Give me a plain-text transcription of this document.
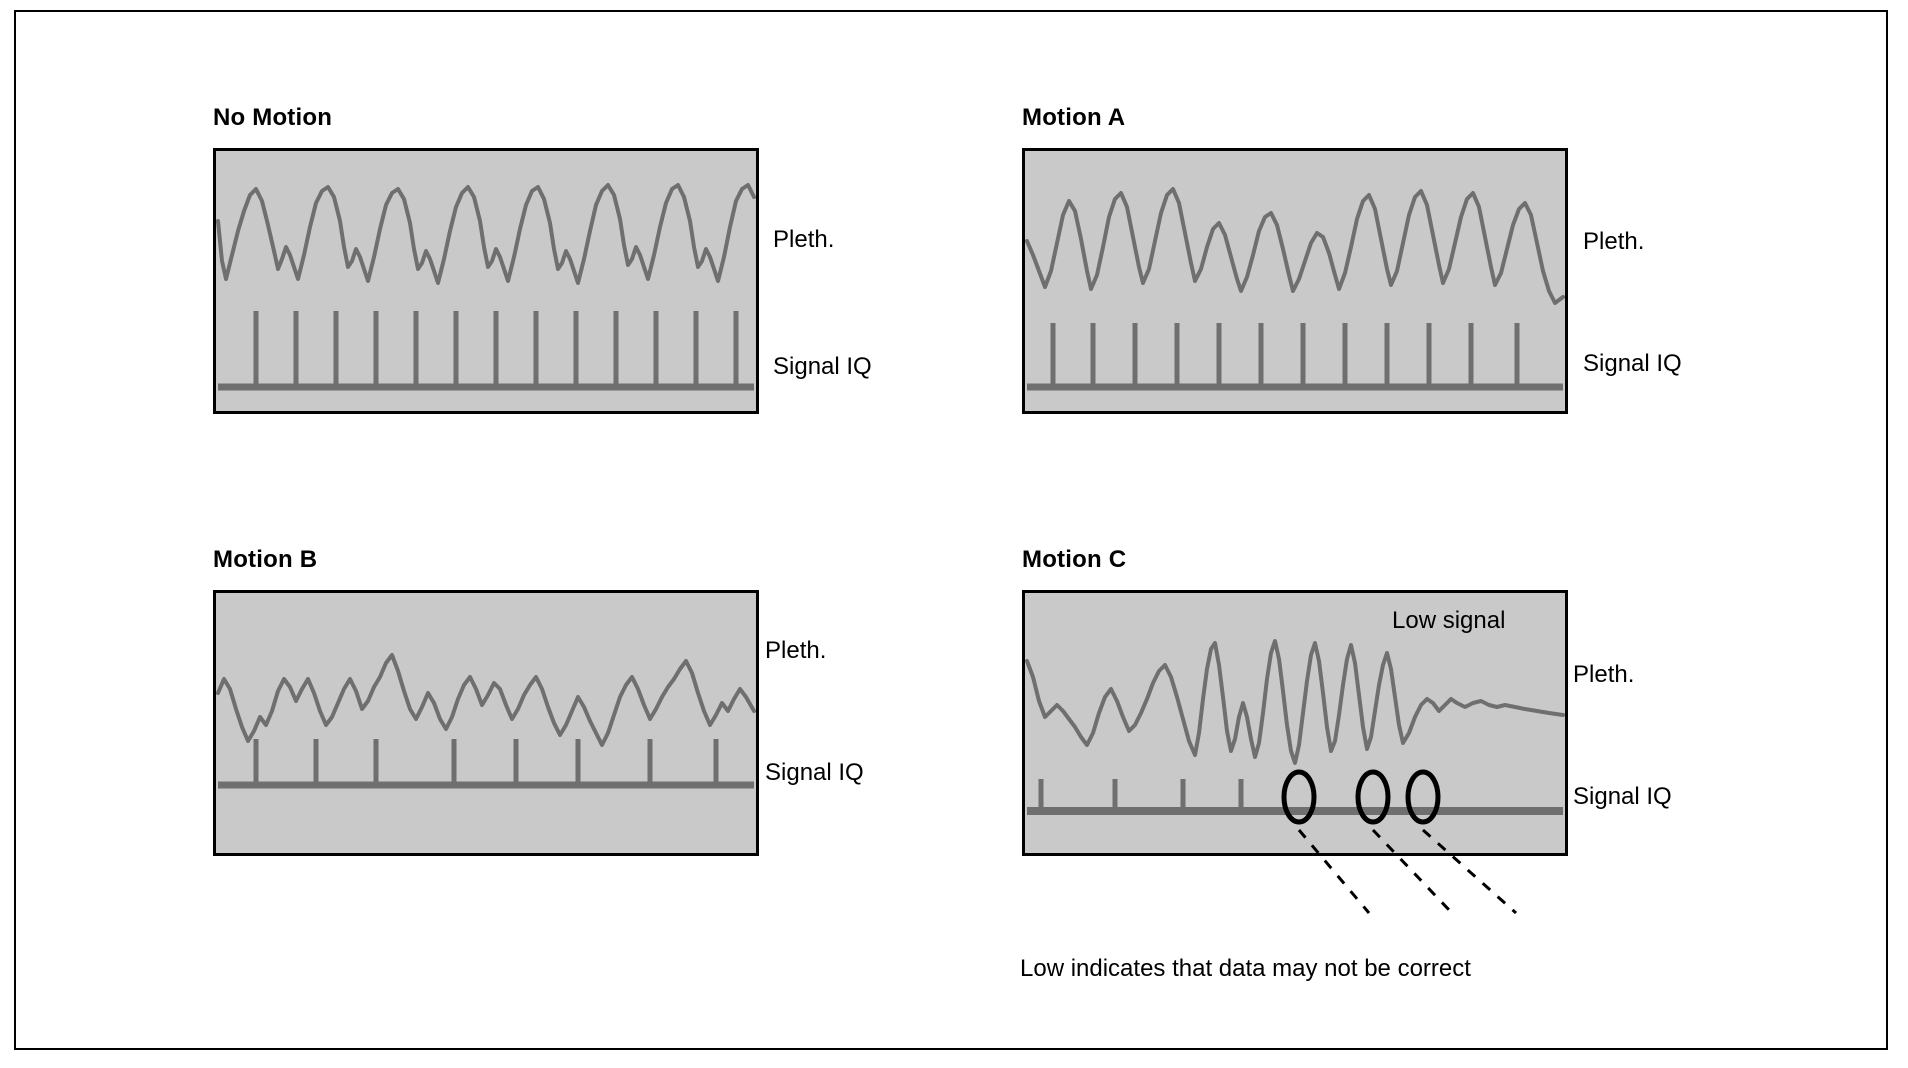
No Motion
Pleth.
Signal IQ
Motion A
Pleth.
Signal IQ
Motion B
Pleth.
Signal IQ
Motion C
Low signal
Pleth.
Signal IQ
Low indicates that data may not be correct
